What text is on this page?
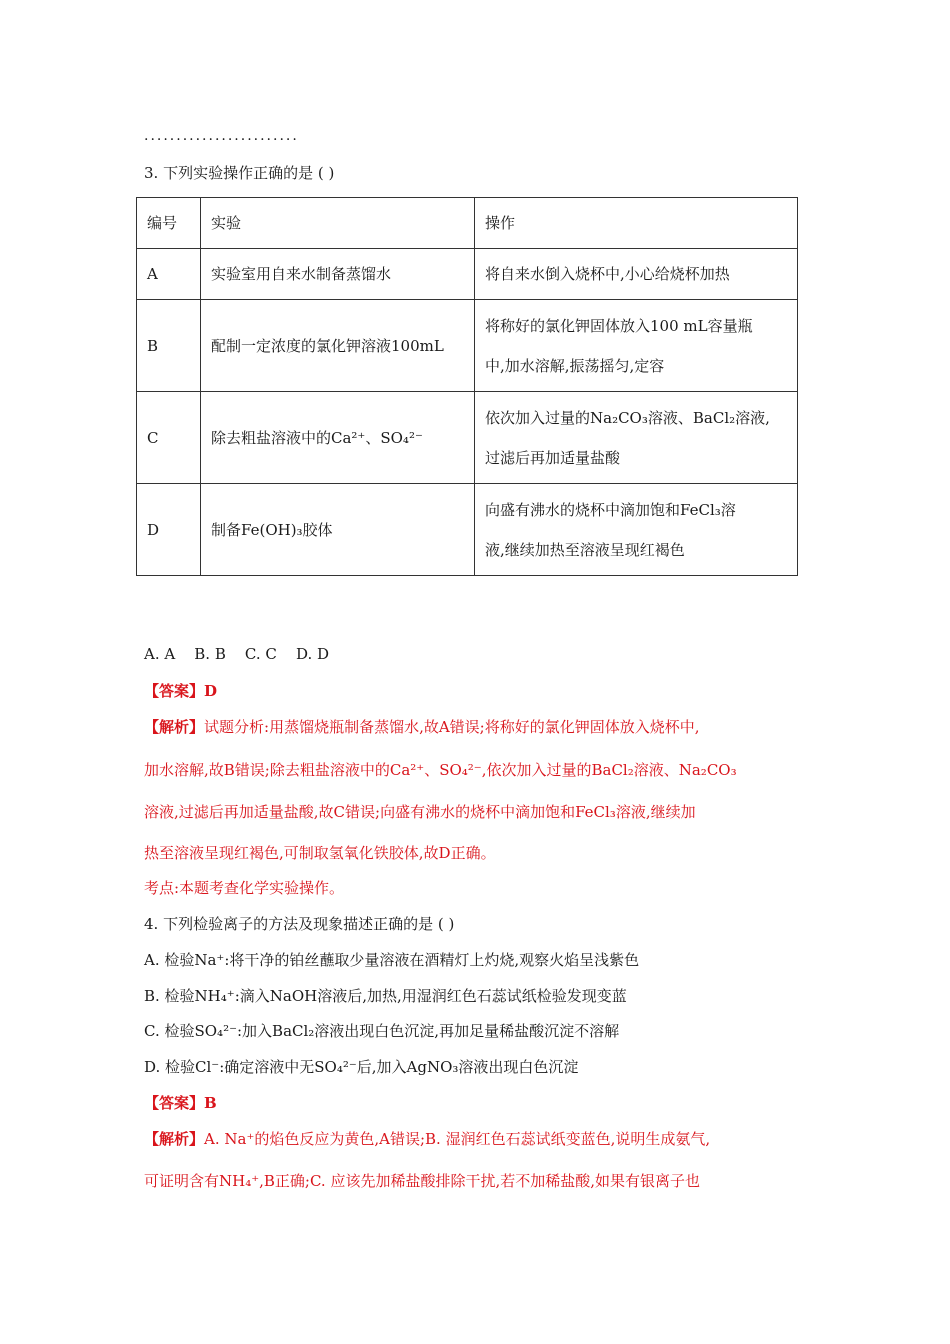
........................
3. 下列实验操作正确的是 ( )
编号	实验	操作
A	实验室用自来水制备蒸馏水	将自来水倒入烧杯中,小心给烧杯加热

B	配制一定浓度的氯化钾溶液100mL	将称好的氯化钾固体放入100 mL容量瓶
中,加水溶解,振荡摇匀,定容

C	除去粗盐溶液中的Ca²⁺、SO₄²⁻	依次加入过量的Na₂CO₃溶液、BaCl₂溶液,
过滤后再加适量盐酸

D	制备Fe(OH)₃胶体	向盛有沸水的烧杯中滴加饱和FeCl₃溶
液,继续加热至溶液呈现红褐色
A. A    B. B    C. C    D. D
【答案】D
【解析】试题分析:用蒸馏烧瓶制备蒸馏水,故A错误;将称好的氯化钾固体放入烧杯中,
加水溶解,故B错误;除去粗盐溶液中的Ca²⁺、SO₄²⁻,依次加入过量的BaCl₂溶液、Na₂CO₃
溶液,过滤后再加适量盐酸,故C错误;向盛有沸水的烧杯中滴加饱和FeCl₃溶液,继续加
热至溶液呈现红褐色,可制取氢氧化铁胶体,故D正确。
考点:本题考查化学实验操作。
4. 下列检验离子的方法及现象描述正确的是 ( )
A. 检验Na⁺:将干净的铂丝蘸取少量溶液在酒精灯上灼烧,观察火焰呈浅紫色
B. 检验NH₄⁺:滴入NaOH溶液后,加热,用湿润红色石蕊试纸检验发现变蓝
C. 检验SO₄²⁻:加入BaCl₂溶液出现白色沉淀,再加足量稀盐酸沉淀不溶解
D. 检验Cl⁻:确定溶液中无SO₄²⁻后,加入AgNO₃溶液出现白色沉淀
【答案】B
【解析】A. Na⁺的焰色反应为黄色,A错误;B. 湿润红色石蕊试纸变蓝色,说明生成氨气,
可证明含有NH₄⁺,B正确;C. 应该先加稀盐酸排除干扰,若不加稀盐酸,如果有银离子也
